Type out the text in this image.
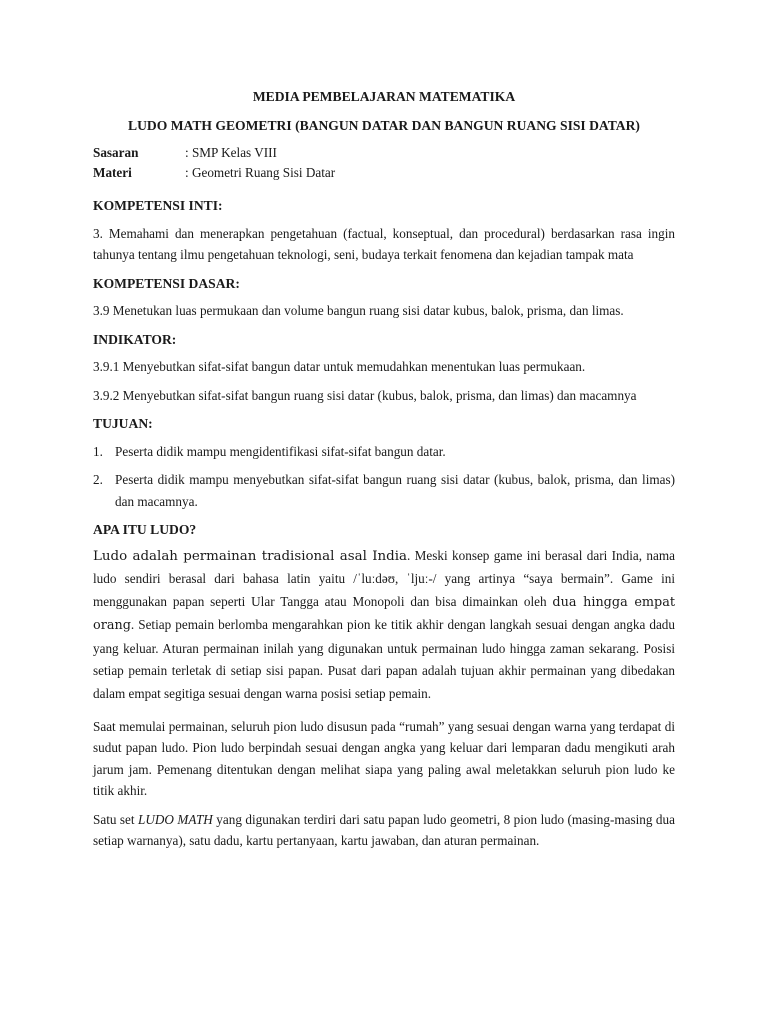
MEDIA PEMBELAJARAN MATEMATIKA

LUDO MATH GEOMETRI (BANGUN DATAR DAN BANGUN RUANG SISI DATAR)

Sasaran	: SMP Kelas VIII
Materi	: Geometri Ruang Sisi Datar

KOMPETENSI INTI:

3. Memahami dan menerapkan pengetahuan (factual, konseptual, dan procedural) berdasarkan rasa ingin tahunya tentang ilmu pengetahuan teknologi, seni, budaya terkait fenomena dan kejadian tampak mata

KOMPETENSI DASAR:

3.9 Menetukan luas permukaan dan volume bangun ruang sisi datar kubus, balok, prisma, dan limas.

INDIKATOR:

3.9.1 Menyebutkan sifat-sifat bangun datar untuk memudahkan menentukan luas permukaan.

3.9.2 Menyebutkan sifat-sifat bangun ruang sisi datar (kubus, balok, prisma, dan limas) dan macamnya

TUJUAN:

1. Peserta didik mampu mengidentifikasi sifat-sifat bangun datar.
2. Peserta didik mampu menyebutkan sifat-sifat bangun ruang sisi datar (kubus, balok, prisma, dan limas) dan macamnya.

APA ITU LUDO?

Ludo adalah permainan tradisional asal India. Meski konsep game ini berasal dari India, nama ludo sendiri berasal dari bahasa latin yaitu /ˈluːdəʊ, ˈljuː-/ yang artinya “saya bermain”. Game ini menggunakan papan seperti Ular Tangga atau Monopoli dan bisa dimainkan oleh dua hingga empat orang. Setiap pemain berlomba mengarahkan pion ke titik akhir dengan langkah sesuai dengan angka dadu yang keluar. Aturan permainan inilah yang digunakan untuk permainan ludo hingga zaman sekarang. Posisi setiap pemain terletak di setiap sisi papan. Pusat dari papan adalah tujuan akhir permainan yang dibedakan dalam empat segitiga sesuai dengan warna posisi setiap pemain.

Saat memulai permainan, seluruh pion ludo disusun pada “rumah” yang sesuai dengan warna yang terdapat di sudut papan ludo. Pion ludo berpindah sesuai dengan angka yang keluar dari lemparan dadu mengikuti arah jarum jam. Pemenang ditentukan dengan melihat siapa yang paling awal meletakkan seluruh pion ludo ke titik akhir.

Satu set LUDO MATH yang digunakan terdiri dari satu papan ludo geometri, 8 pion ludo (masing-masing dua setiap warnanya), satu dadu, kartu pertanyaan, kartu jawaban, dan aturan permainan.
